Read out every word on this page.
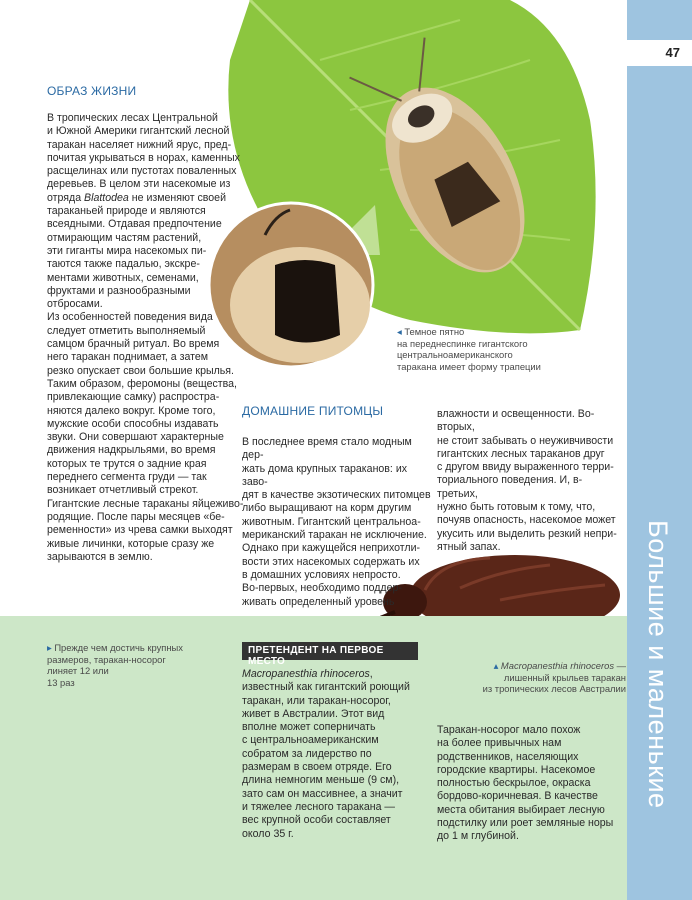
47
Большие и маленькие
ОБРАЗ ЖИЗНИ

В тропических лесах Центральной
и Южной Америки гигантский лесной
таракан населяет нижний ярус, пред-
почитая укрываться в норах, каменных
расщелинах или пустотах поваленных
деревьев. В целом эти насекомые из
отряда Blattodea не изменяют своей
тараканьей природе и являются
всеядными. Отдавая предпочтение
отмирающим частям растений,
эти гиганты мира насекомых пи-
таются также падалью, экскре-
ментами животных, семенами,
фруктами и разнообразными
отбросами.

Из особенностей поведения вида
следует отметить выполняемый
самцом брачный ритуал. Во время
него таракан поднимает, а затем
резко опускает свои большие крылья.
Таким образом, феромоны (вещества,
привлекающие самку) распростра-
няются далеко вокруг. Кроме того,
мужские особи способны издавать
звуки. Они совершают характерные
движения надкрыльями, во время
которых те трутся о задние края
переднего сегмента груди — так
возникает отчетливый стрекот.
Гигантские лесные тараканы яйцеживо-
родящие. После пары месяцев «бе-
ременности» из чрева самки выходят
живые личинки, которые сразу же
зарываются в землю.

◂ Темное пятно
на переднеспинке гигантского
центральноамериканского
таракана имеет форму трапеции
ДОМАШНИЕ ПИТОМЦЫ

В последнее время стало модным дер-
жать дома крупных тараканов: их заво-
дят в качестве экзотических питомцев
либо выращивают на корм другим
животным. Гигантский центральноа-
мериканский таракан не исключение.
Однако при кажущейся неприхотли-
вости этих насекомых содержать их
в домашних условиях непросто.
Во-первых, необходимо поддер-
живать определенный уровень

влажности и освещенности. Во-вторых,
не стоит забывать о неуживчивости
гигантских лесных тараканов друг
с другом ввиду выраженного терри-
ториального поведения. И, в-третьих,
нужно быть готовым к тому, что,
почуяв опасность, насекомое может
укусить или выделить резкий непри-
ятный запах.

▴ Macropanesthia rhinoceros —
лишенный крыльев таракан
из тропических лесов Австралии
▸ Прежде чем достичь крупных
размеров, таракан-носорог
линяет 12 или
13 раз
ПРЕТЕНДЕНТ НА ПЕРВОЕ МЕСТО

Macropanesthia rhinoceros,
известный как гигантский роющий
таракан, или таракан-носорог,
живет в Австралии. Этот вид
вполне может соперничать
с центральноамериканским
собратом за лидерство по
размерам в своем отряде. Его
длина немногим меньше (9 см),
зато сам он массивнее, а значит
и тяжелее лесного таракана —
вес крупной особи составляет
около 35 г.

Таракан-носорог мало похож
на более привычных нам
родственников, населяющих
городские квартиры. Насекомое
полностью бескрылое, окраска
бордово-коричневая. В качестве
места обитания выбирает лесную
подстилку или роет земляные норы
до 1 м глубиной.
